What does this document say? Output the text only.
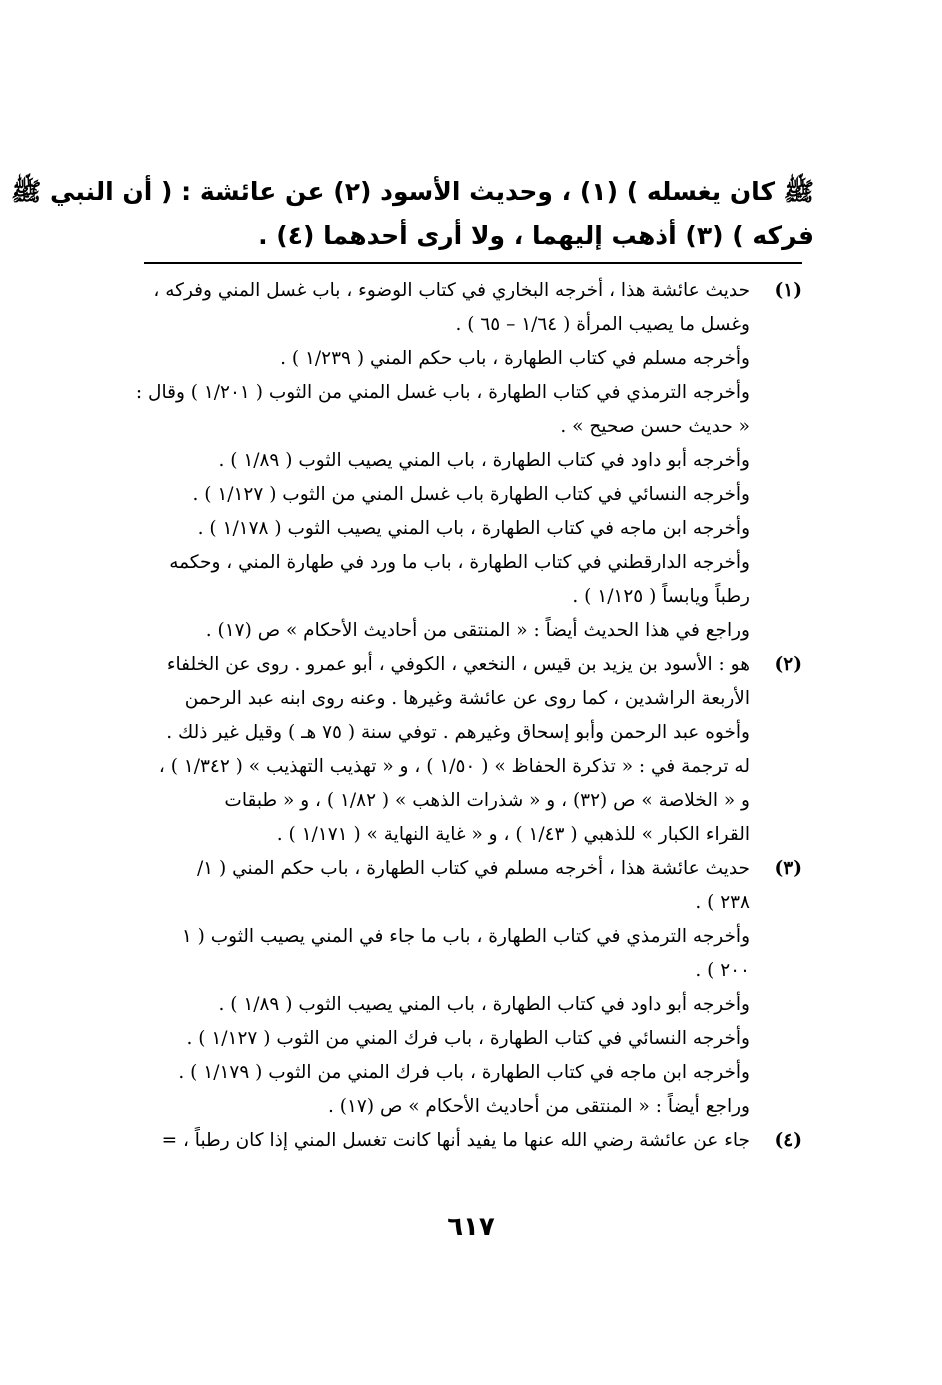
ﷺ كان يغسله ) (١) ، وحديث الأسود (٢) عن عائشة : ( أن النبي ﷺ
فركه ) (٣) أذهب إليهما ، ولا أرى أحدهما (٤) .
(١)
حديث عائشة هذا ، أخرجه البخاري في كتاب الوضوء ، باب غسل المني وفركه ،
وغسل ما يصيب المرأة ( ١/٦٤ – ٦٥ ) .
وأخرجه مسلم في كتاب الطهارة ، باب حكم المني ( ١/٢٣٩ ) .
وأخرجه الترمذي في كتاب الطهارة ، باب غسل المني من الثوب ( ١/٢٠١ ) وقال :
« حديث حسن صحيح » .
وأخرجه أبو داود في كتاب الطهارة ، باب المني يصيب الثوب ( ١/٨٩ ) .
وأخرجه النسائي في كتاب الطهارة باب غسل المني من الثوب ( ١/١٢٧ ) .
وأخرجه ابن ماجه في كتاب الطهارة ، باب المني يصيب الثوب ( ١/١٧٨ ) .
وأخرجه الدارقطني في كتاب الطهارة ، باب ما ورد في طهارة المني ، وحكمه
رطباً ويابساً ( ١/١٢٥ ) .
وراجع في هذا الحديث أيضاً : « المنتقى من أحاديث الأحكام » ص (١٧) .
(٢)
هو : الأسود بن يزيد بن قيس ، النخعي ، الكوفي ، أبو عمرو . روى عن الخلفاء
الأربعة الراشدين ، كما روى عن عائشة وغيرها . وعنه روى ابنه عبد الرحمن
وأخوه عبد الرحمن وأبو إسحاق وغيرهم . توفي سنة ( ٧٥ هـ ) وقيل غير ذلك .
له ترجمة في : « تذكرة الحفاظ » ( ١/٥٠ ) ، و « تهذيب التهذيب » ( ١/٣٤٢ ) ،
و « الخلاصة » ص (٣٢) ، و « شذرات الذهب » ( ١/٨٢ ) ، و « طبقات
القراء الكبار » للذهبي ( ١/٤٣ ) ، و « غاية النهاية » ( ١/١٧١ ) .
(٣)
حديث عائشة هذا ، أخرجه مسلم في كتاب الطهارة ، باب حكم المني ( ١/
٢٣٨ ) .
وأخرجه الترمذي في كتاب الطهارة ، باب ما جاء في المني يصيب الثوب ( ١
٢٠٠ ) .
وأخرجه أبو داود في كتاب الطهارة ، باب المني يصيب الثوب ( ١/٨٩ ) .
وأخرجه النسائي في كتاب الطهارة ، باب فرك المني من الثوب ( ١/١٢٧ ) .
وأخرجه ابن ماجه في كتاب الطهارة ، باب فرك المني من الثوب ( ١/١٧٩ ) .
وراجع أيضاً : « المنتقى من أحاديث الأحكام » ص (١٧) .
(٤)
جاء عن عائشة رضي الله عنها ما يفيد أنها كانت تغسل المني إذا كان رطباً ، =
٦١٧
